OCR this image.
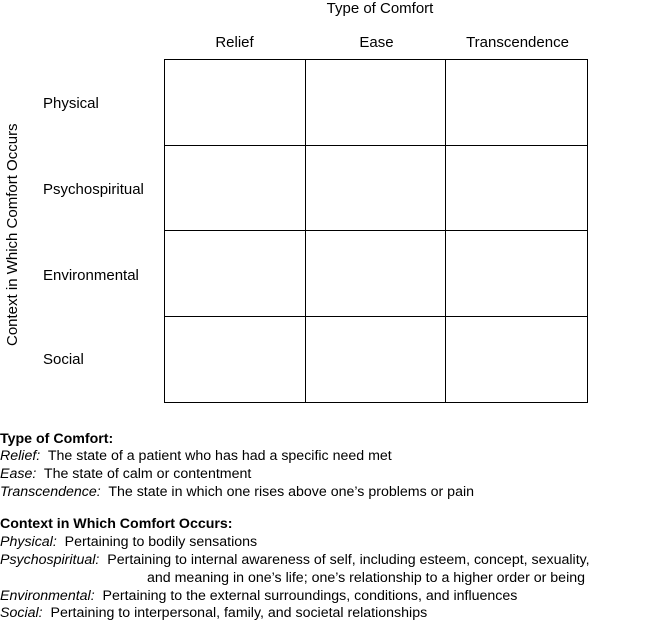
Type of Comfort
Relief	Ease	Transcendence
Context in Which Comfort Occurs
Physical
Psychospiritual
Environmental
Social
Type of Comfort:
Relief: The state of a patient who has had a specific need met
Ease: The state of calm or contentment
Transcendence: The state in which one rises above one’s problems or pain
Context in Which Comfort Occurs:
Physical: Pertaining to bodily sensations
Psychospiritual: Pertaining to internal awareness of self, including esteem, concept, sexuality,
and meaning in one’s life; one’s relationship to a higher order or being
Environmental: Pertaining to the external surroundings, conditions, and influences
Social: Pertaining to interpersonal, family, and societal relationships
